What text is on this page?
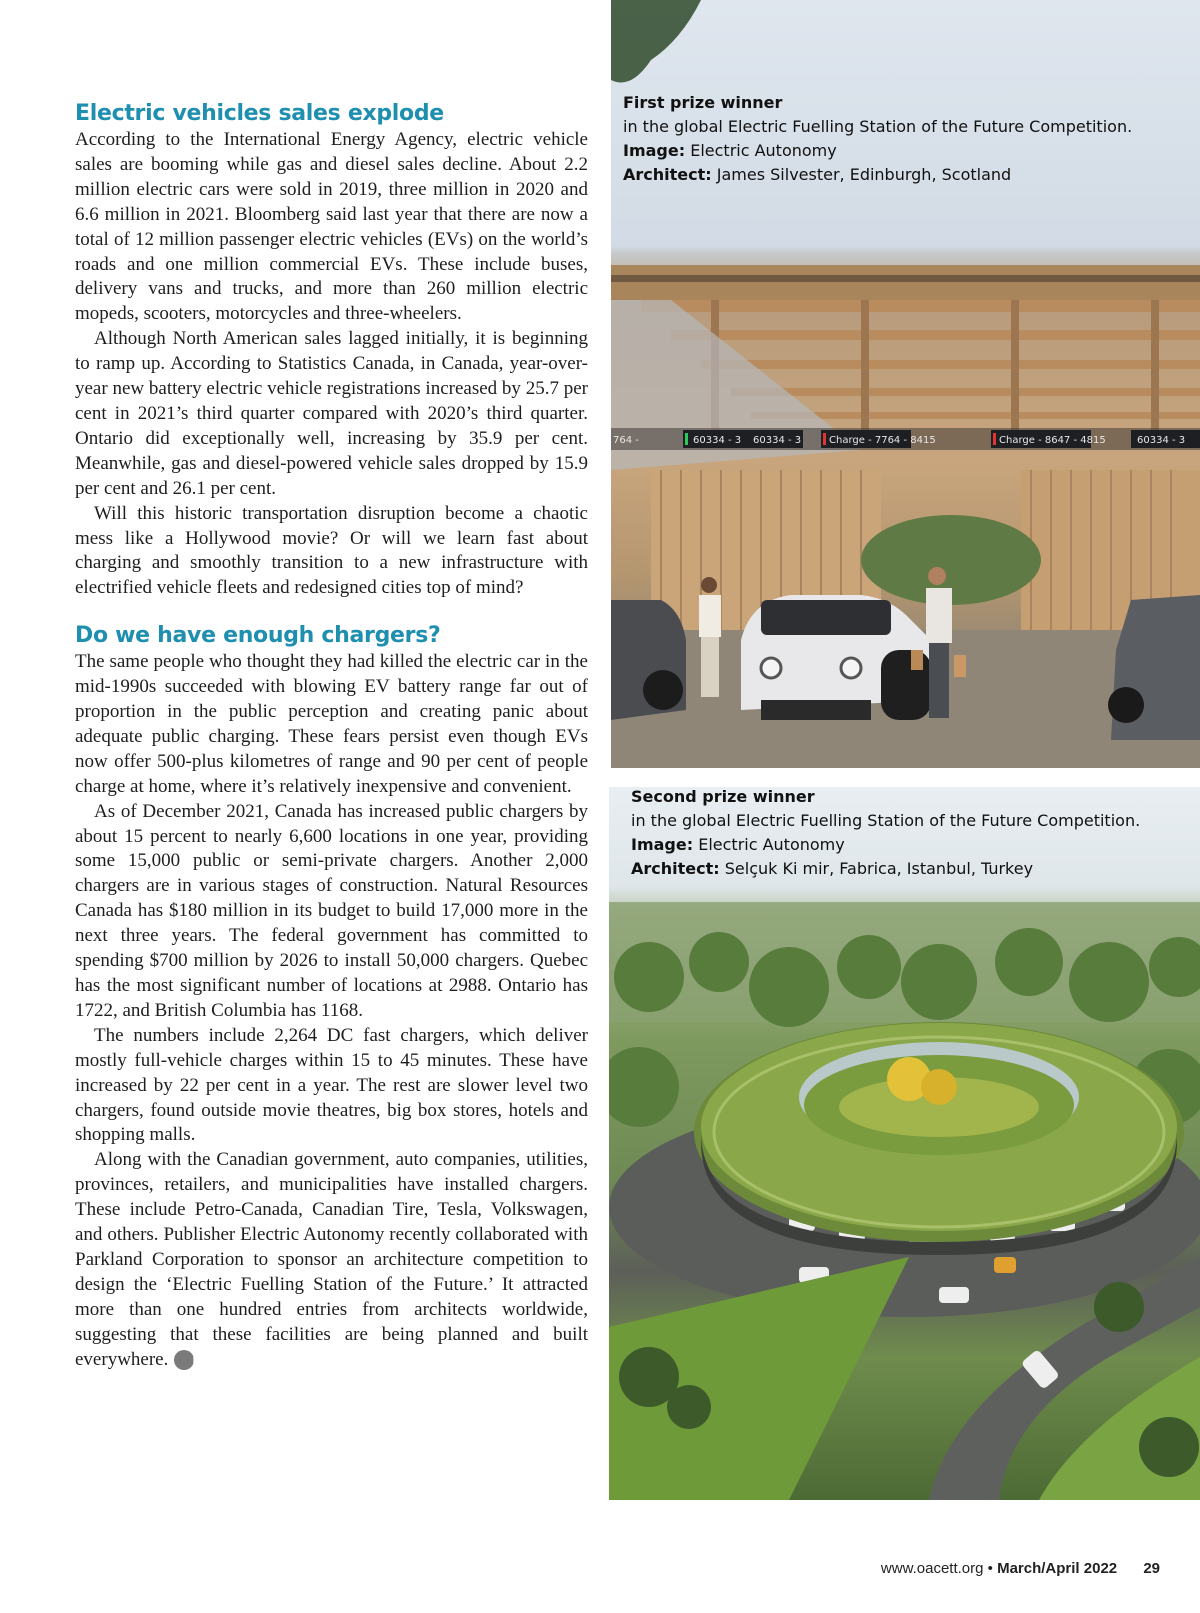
Electric vehicles sales explode

According to the International Energy Agency, electric vehicle sales are booming while gas and diesel sales decline. About 2.2 million electric cars were sold in 2019, three million in 2020 and 6.6 million in 2021. Bloomberg said last year that there are now a total of 12 million passenger electric vehicles (EVs) on the world’s roads and one million commercial EVs. These include buses, delivery vans and trucks, and more than 260 million electric mopeds, scooters, motorcycles and three-wheelers.

Although North American sales lagged initially, it is beginning to ramp up. According to Statistics Canada, in Canada, year-over-year new battery electric vehicle registrations increased by 25.7 per cent in 2021’s third quarter compared with 2020’s third quarter. Ontario did exceptionally well, increasing by 35.9 per cent. Meanwhile, gas and diesel-powered vehicle sales dropped by 15.9 per cent and 26.1 per cent.

Will this historic transportation disruption become a chaotic mess like a Hollywood movie? Or will we learn fast about charging and smoothly transition to a new infrastructure with electrified vehicle fleets and redesigned cities top of mind?

Do we have enough chargers?

The same people who thought they had killed the electric car in the mid-1990s succeeded with blowing EV battery range far out of proportion in the public perception and creating panic about adequate public charging. These fears persist even though EVs now offer 500-plus kilometres of range and 90 per cent of people charge at home, where it’s relatively inexpensive and convenient.

As of December 2021, Canada has increased public chargers by about 15 percent to nearly 6,600 locations in one year, providing some 15,000 public or semi-private chargers. Another 2,000 chargers are in various stages of construction. Natural Resources Canada has $180 million in its budget to build 17,000 more in the next three years. The federal government has committed to spending $700 million by 2026 to install 50,000 chargers. Quebec has the most significant number of locations at 2988. Ontario has 1722, and British Columbia has 1168.

The numbers include 2,264 DC fast chargers, which deliver mostly full-vehicle charges within 15 to 45 minutes. These have increased by 22 per cent in a year. The rest are slower level two chargers, found outside movie theatres, big box stores, hotels and shopping malls.

Along with the Canadian government, auto companies, utilities, provinces, retailers, and municipalities have installed chargers. These include Petro-Canada, Canadian Tire, Tesla, Volkswagen, and others. Publisher Electric Autonomy recently collaborated with Parkland Corporation to sponsor an architecture competition to design the ‘Electric Fuelling Station of the Future.’ It attracted more than one hundred entries from architects worldwide, suggesting that these facilities are being planned and built everywhere. ▶

764 -	60334 - 3 60334 - 3	Charge - 7764 - 8415	Charge - 8647 - 4815	60334 - 3
First prize winner
in the global Electric Fuelling Station of the Future Competition.
Image: Electric Autonomy
Architect: James Silvester, Edinburgh, Scotland
Second prize winner
in the global Electric Fuelling Station of the Future Competition.
Image: Electric Autonomy
Architect: Selçuk Ki mir, Fabrica, Istanbul, Turkey
www.oacett.org • March/April 2022 29
